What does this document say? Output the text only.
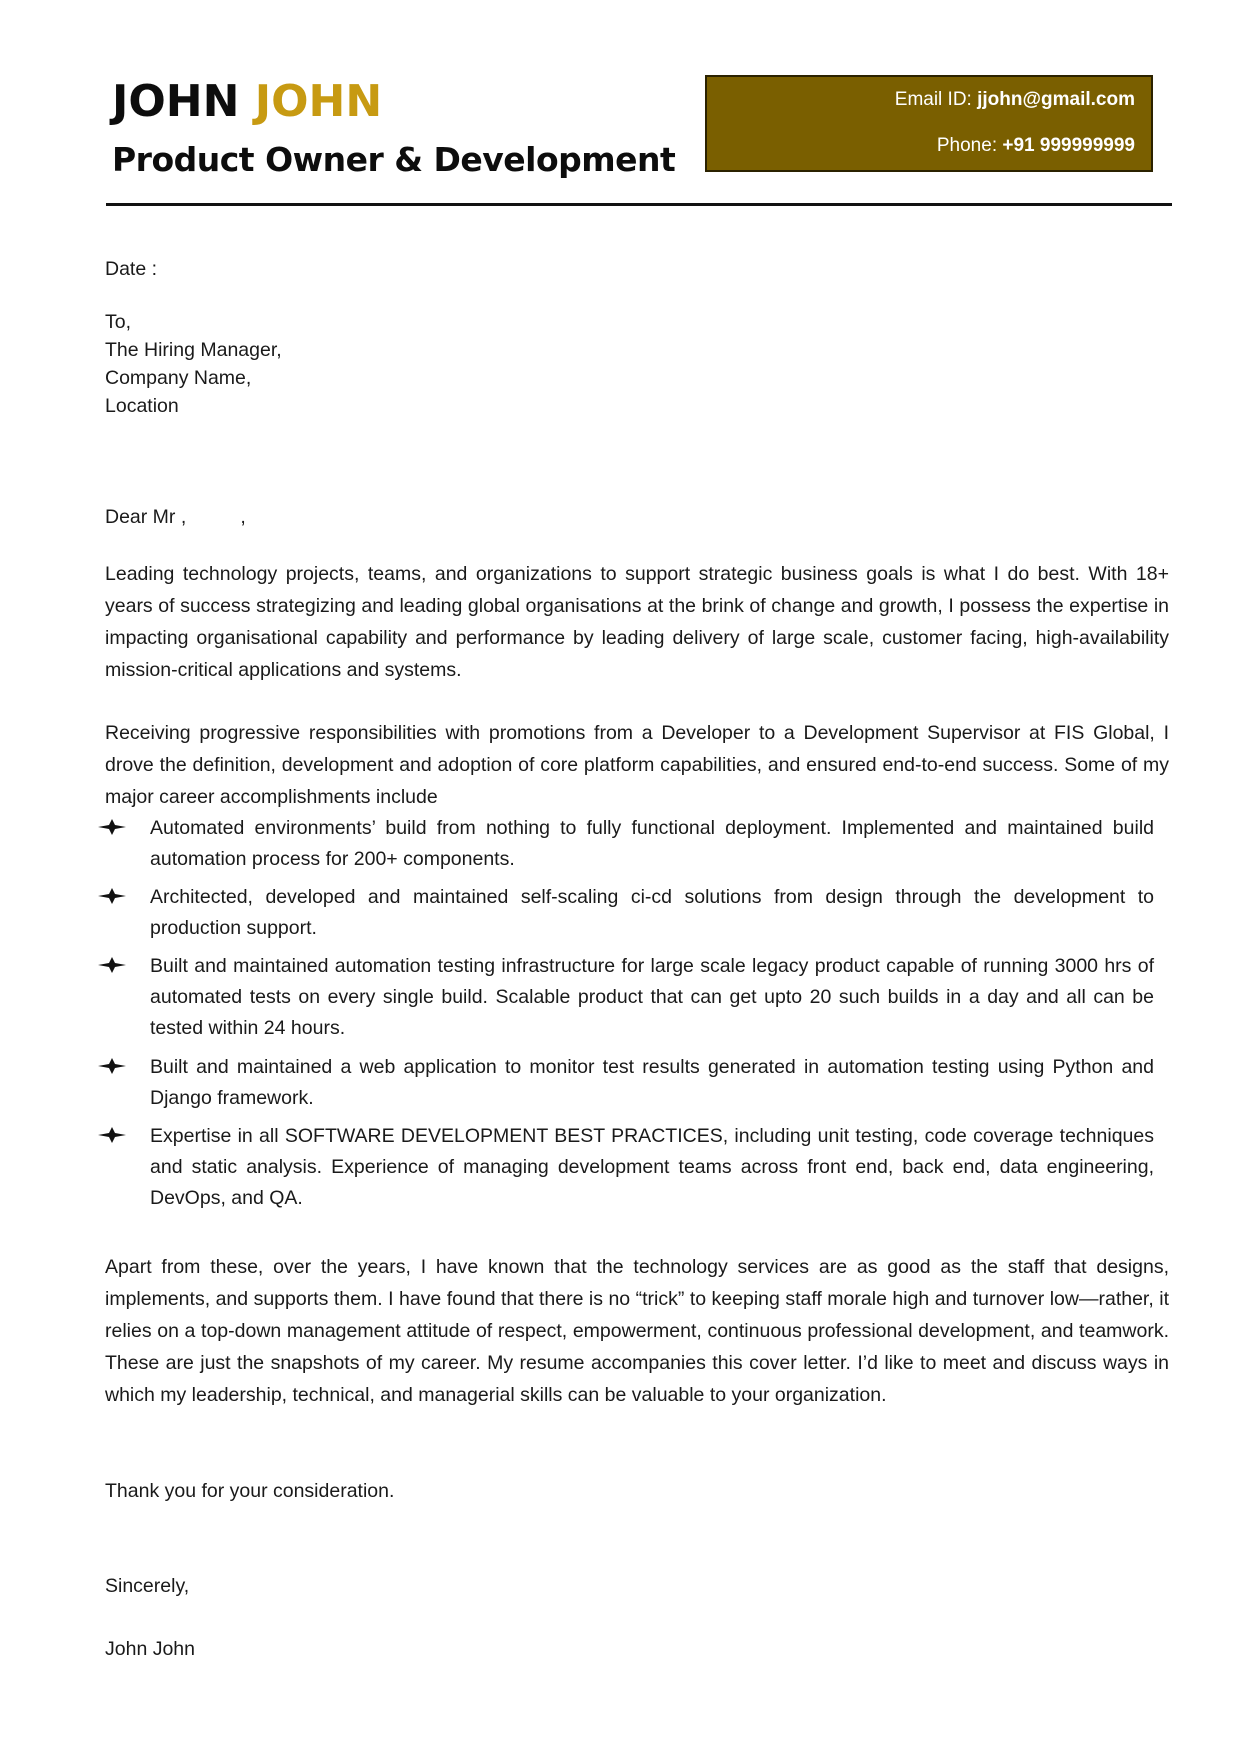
JOHN JOHN
Product Owner & Development
Email ID: jjohn@gmail.com
Phone: +91 999999999
Date :
To,
The Hiring Manager,
Company Name,
Location
Dear Mr ,          ,

Leading technology projects, teams, and organizations to support strategic business goals is what I do best. With 18+ years of success strategizing and leading global organisations at the brink of change and growth, I possess the expertise in impacting organisational capability and performance by leading delivery of large scale, customer facing, high-availability mission-critical applications and systems.

Receiving progressive responsibilities with promotions from a Developer to a Development Supervisor at FIS Global, I drove the definition, development and adoption of core platform capabilities, and ensured end-to-end success. Some of my major career accomplishments include

Automated environments’ build from nothing to fully functional deployment. Implemented and maintained build automation process for 200+ components.
Architected, developed and maintained self-scaling ci-cd solutions from design through the development to production support.
Built and maintained automation testing infrastructure for large scale legacy product capable of running 3000 hrs of automated tests on every single build. Scalable product that can get upto 20 such builds in a day and all can be tested within 24 hours.
Built and maintained a web application to monitor test results generated in automation testing using Python and Django framework.
Expertise in all SOFTWARE DEVELOPMENT BEST PRACTICES, including unit testing, code coverage techniques and static analysis. Experience of managing development teams across front end, back end, data engineering, DevOps, and QA.

Apart from these, over the years, I have known that the technology services are as good as the staff that designs, implements, and supports them. I have found that there is no “trick” to keeping staff morale high and turnover low—rather, it relies on a top-down management attitude of respect, empowerment, continuous professional development, and teamwork. These are just the snapshots of my career. My resume accompanies this cover letter. I’d like to meet and discuss ways in which my leadership, technical, and managerial skills can be valuable to your organization.

Thank you for your consideration.
Sincerely,
John John
